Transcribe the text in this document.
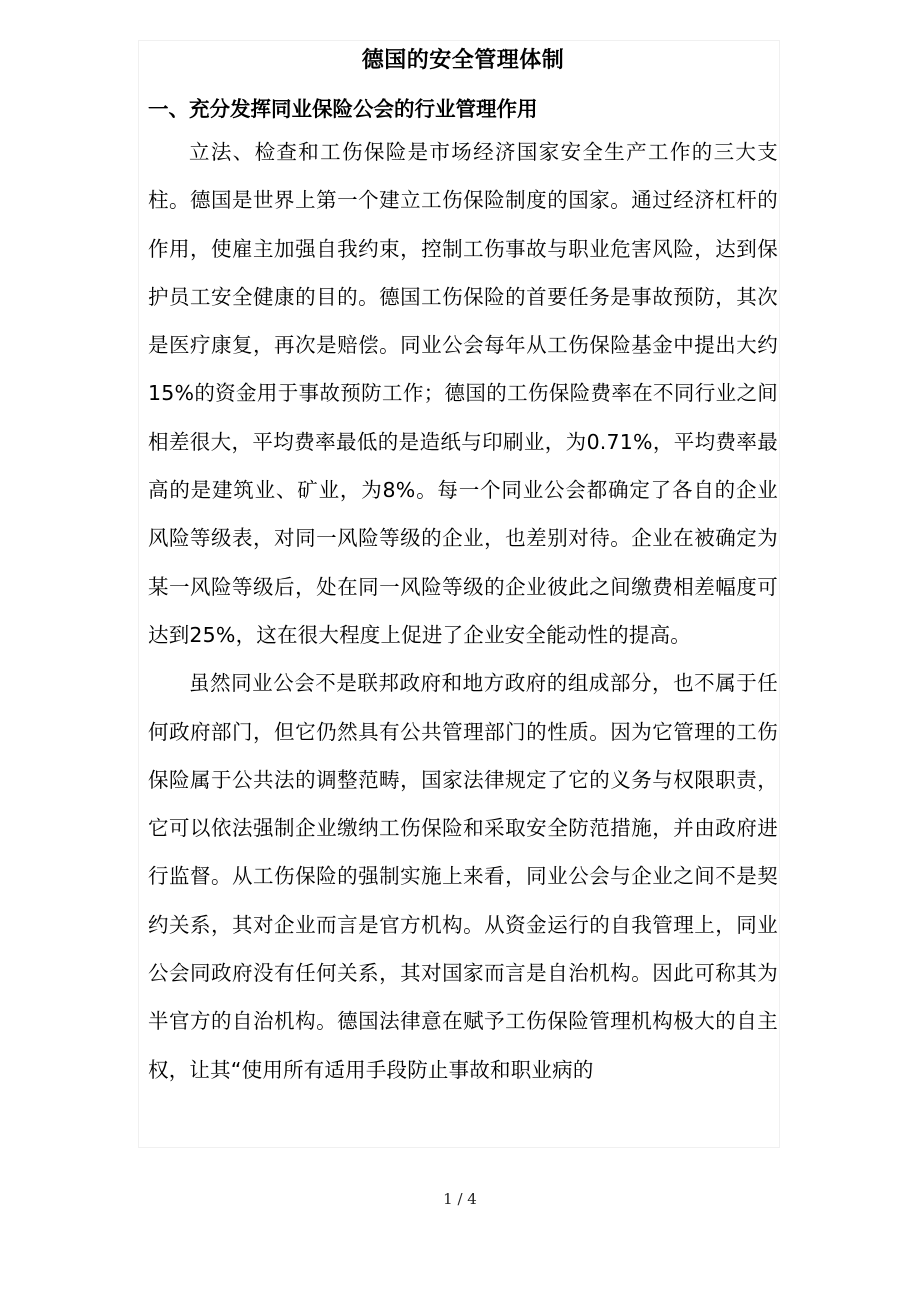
德国的安全管理体制
一、充分发挥同业保险公会的行业管理作用

立法、检查和工伤保险是市场经济国家安全生产工作的三大支柱。德国是世界上第一个建立工伤保险制度的国家。通过经济杠杆的作用，使雇主加强自我约束，控制工伤事故与职业危害风险，达到保护员工安全健康的目的。德国工伤保险的首要任务是事故预防，其次是医疗康复，再次是赔偿。同业公会每年从工伤保险基金中提出大约15%的资金用于事故预防工作；德国的工伤保险费率在不同行业之间相差很大，平均费率最低的是造纸与印刷业，为0.71%，平均费率最高的是建筑业、矿业，为8%。每一个同业公会都确定了各自的企业风险等级表，对同一风险等级的企业，也差别对待。企业在被确定为某一风险等级后，处在同一风险等级的企业彼此之间缴费相差幅度可达到25%，这在很大程度上促进了企业安全能动性的提高。

虽然同业公会不是联邦政府和地方政府的组成部分，也不属于任何政府部门，但它仍然具有公共管理部门的性质。因为它管理的工伤保险属于公共法的调整范畴，国家法律规定了它的义务与权限职责，它可以依法强制企业缴纳工伤保险和采取安全防范措施，并由政府进行监督。从工伤保险的强制实施上来看，同业公会与企业之间不是契约关系，其对企业而言是官方机构。从资金运行的自我管理上，同业公会同政府没有任何关系，其对国家而言是自治机构。因此可称其为半官方的自治机构。德国法律意在赋予工伤保险管理机构极大的自主权，让其“使用所有适用手段防止事故和职业病的

1 / 4
